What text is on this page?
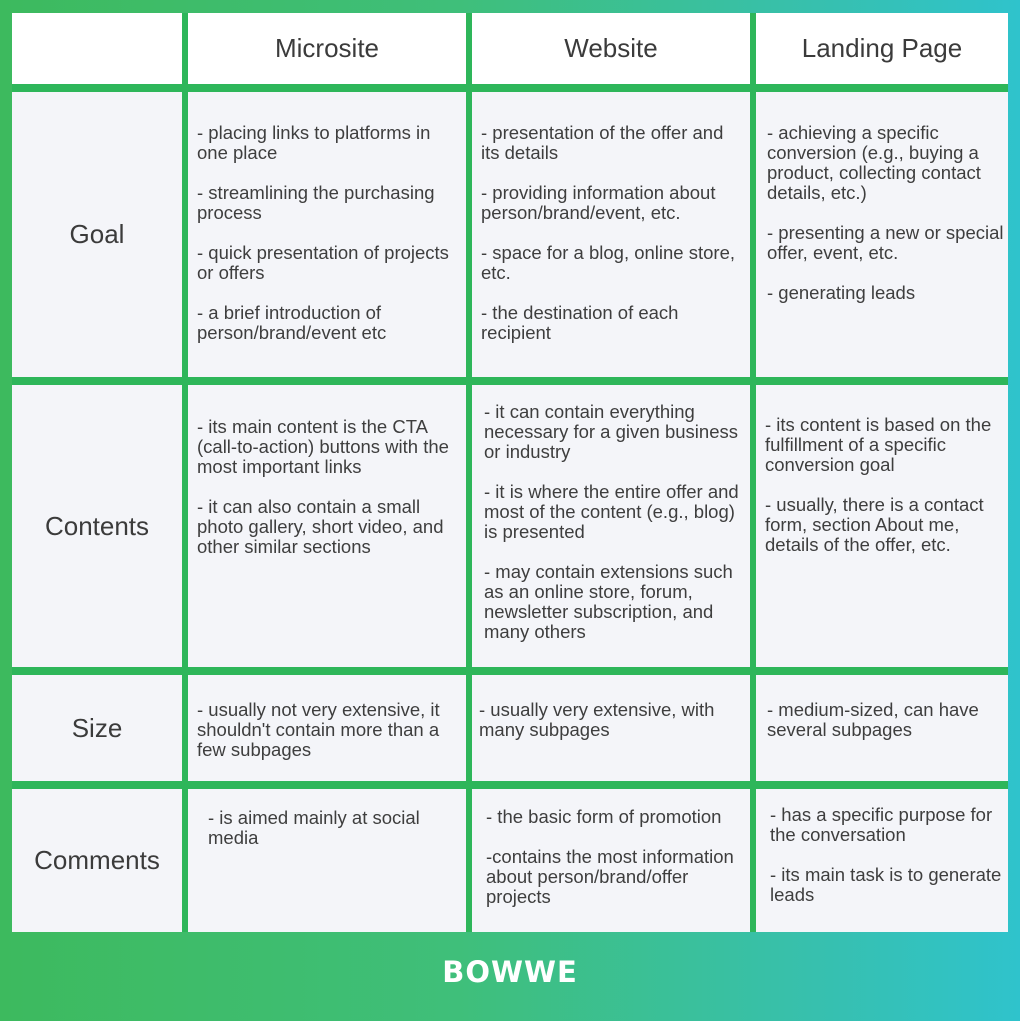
Microsite	Website	Landing Page
Goal

- placing links to platforms in one place

- streamlining the purchasing process

- quick presentation of projects or offers

- a brief introduction of person/brand/event etc

- presentation of the offer and its details

- providing information about person/brand/event, etc.

- space for a blog, online store, etc.

- the destination of each recipient

- achieving a specific conversion (e.g., buying a product, collecting contact details, etc.)

- presenting a new or special offer, event, etc.

- generating leads

Contents

- its main content is the CTA (call-to-action) buttons with the most important links

- it can also contain a small photo gallery, short video, and other similar sections

- it can contain everything necessary for a given business or industry

- it is where the entire offer and most of the content (e.g., blog) is presented

- may contain extensions such as an online store, forum, newsletter subscription, and many others

- its content is based on the fulfillment of a specific conversion goal

- usually, there is a contact form, section About me, details of the offer, etc.

Size

- usually not very extensive, it shouldn't contain more than a few subpages

- usually very extensive, with many subpages

- medium-sized, can have several subpages

Comments

- is aimed mainly at social media

- the basic form of promotion

-contains the most information about person/brand/offer projects

- has a specific purpose for the conversation

- its main task is to generate leads

BOWWE
